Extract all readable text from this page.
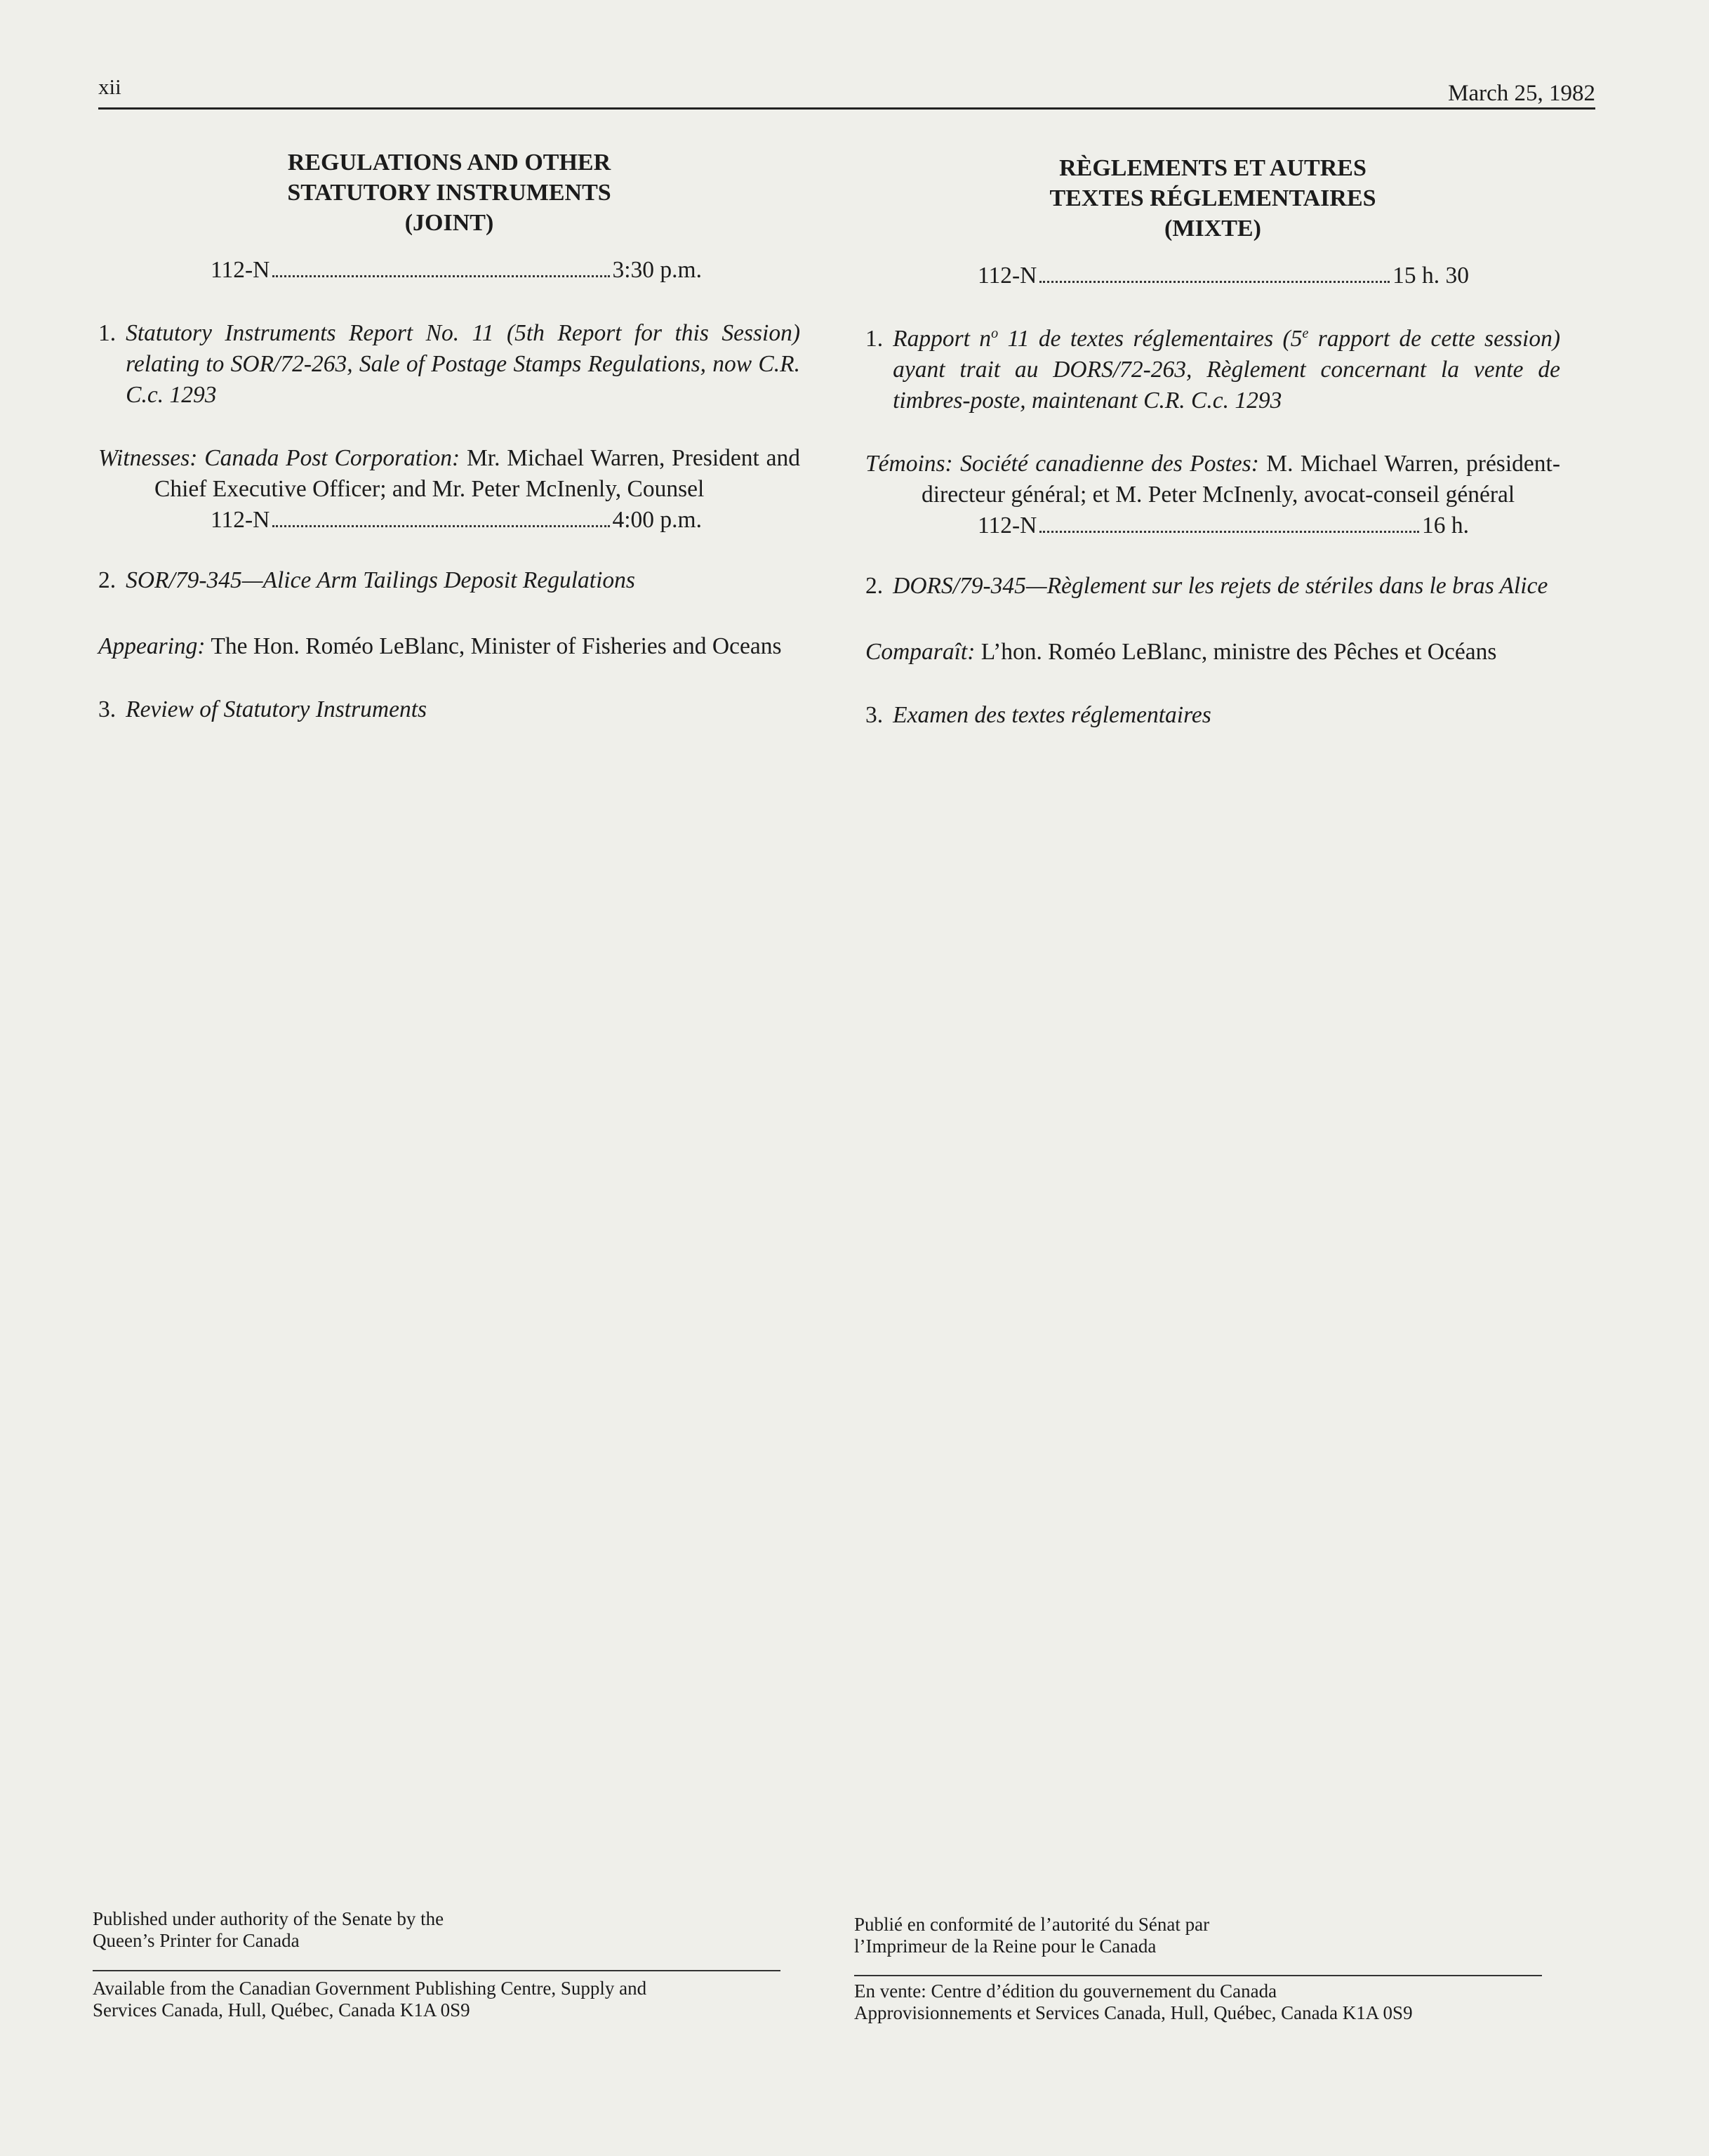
xii	March 25, 1982

REGULATIONS AND OTHER

STATUTORY INSTRUMENTS

(JOINT)

112-N	3:30 p.m.
1. Statutory Instruments Report No. 11 (5th Report for this Session) relating to SOR/72-263, Sale of Postage Stamps Regulations, now C.R. C.c. 1293
Witnesses: Canada Post Corporation: Mr. Michael Warren, President and Chief Executive Officer; and Mr. Peter McInenly, Counsel
112-N	4:00 p.m.
2. SOR/79-345—Alice Arm Tailings Deposit Regulations
Appearing: The Hon. Roméo LeBlanc, Minister of Fisheries and Oceans
3. Review of Statutory Instruments

RÈGLEMENTS ET AUTRES

TEXTES RÉGLEMENTAIRES

(MIXTE)

112-N	15 h. 30
1. Rapport $n^o$ 11 de textes réglementaires (5e rapport de cette session) ayant trait au DORS/72-263, Règlement concernant la vente de timbres-poste, maintenant C.R. C.c. 1293
Témoins: Société canadienne des Postes: M. Michael Warren, président-directeur général; et M. Peter McInenly, avocat-conseil général
112-N	16 h.
2. DORS/79-345—Règlement sur les rejets de stériles dans le bras Alice
Comparaît: L’hon. Roméo LeBlanc, ministre des Pêches et Océans
3. Examen des textes réglementaires
Published under authority of the Senate by the
Queen’s Printer for Canada
Available from the Canadian Government Publishing Centre, Supply and
Services Canada, Hull, Québec, Canada K1A 0S9
Publié en conformité de l’autorité du Sénat par
l’Imprimeur de la Reine pour le Canada
En vente: Centre d’édition du gouvernement du Canada
Approvisionnements et Services Canada, Hull, Québec, Canada K1A 0S9
